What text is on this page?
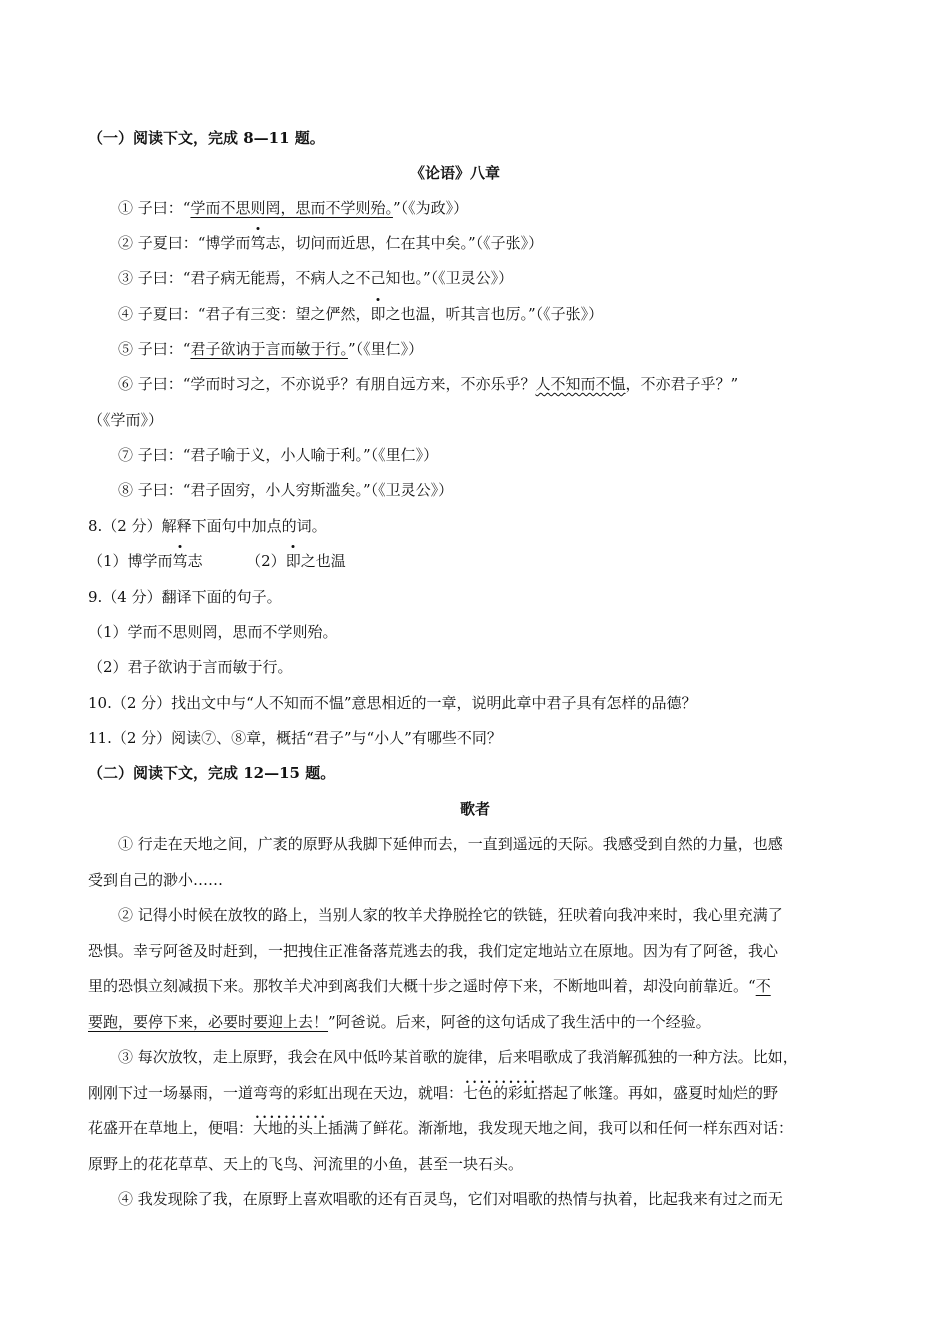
（一）阅读下文，完成 8—11 题。
《论语》八章
① 子曰：“学而不思则罔，思而不学则殆。”（《为政》）
② 子夏曰：“博学而笃志，切问而近思，仁在其中矣。”（《子张》）
③ 子曰：“君子病无能焉，不病人之不己知也。”（《卫灵公》）
④ 子夏曰：“君子有三变：望之俨然，即之也温，听其言也厉。”（《子张》）
⑤ 子曰：“君子欲讷于言而敏于行。”（《里仁》）
⑥ 子曰：“学而时习之，不亦说乎？有朋自远方来，不亦乐乎？人不知而不愠，不亦君子乎？”
（《学而》）
⑦ 子曰：“君子喻于义，小人喻于利。”（《里仁》）
⑧ 子曰：“君子固穷，小人穷斯滥矣。”（《卫灵公》）
8.（2 分）解释下面句中加点的词。
（1）博学而笃志	（2）即之也温
9.（4 分）翻译下面的句子。
（1）学而不思则罔，思而不学则殆。
（2）君子欲讷于言而敏于行。
10.（2 分）找出文中与“人不知而不愠”意思相近的一章，说明此章中君子具有怎样的品德？
11.（2 分）阅读⑦、⑧章，概括“君子”与“小人”有哪些不同？
（二）阅读下文，完成 12—15 题。
歌者
① 行走在天地之间，广袤的原野从我脚下延伸而去，一直到遥远的天际。我感受到自然的力量，也感
受到自己的渺小……
② 记得小时候在放牧的路上，当别人家的牧羊犬挣脱拴它的铁链，狂吠着向我冲来时，我心里充满了
恐惧。幸亏阿爸及时赶到，一把拽住正准备落荒逃去的我，我们定定地站立在原地。因为有了阿爸，我心
里的恐惧立刻减损下来。那牧羊犬冲到离我们大概十步之遥时停下来，不断地叫着，却没向前靠近。“不
要跑，要停下来，必要时要迎上去！”阿爸说。后来，阿爸的这句话成了我生活中的一个经验。
③ 每次放牧，走上原野，我会在风中低吟某首歌的旋律，后来唱歌成了我消解孤独的一种方法。比如，
刚刚下过一场暴雨，一道弯弯的彩虹出现在天边，就唱：• • 七色的彩虹搭起了帐篷。再如，盛夏时灿烂的野
花盛开在草地上，便唱：• • 大地的头上插满了鲜花。渐渐地，我发现天地之间，我可以和任何一样东西对话：
原野上的花花草草、天上的飞鸟、河流里的小鱼，甚至一块石头。
④ 我发现除了我，在原野上喜欢唱歌的还有百灵鸟，它们对唱歌的热情与执着，比起我来有过之而无
